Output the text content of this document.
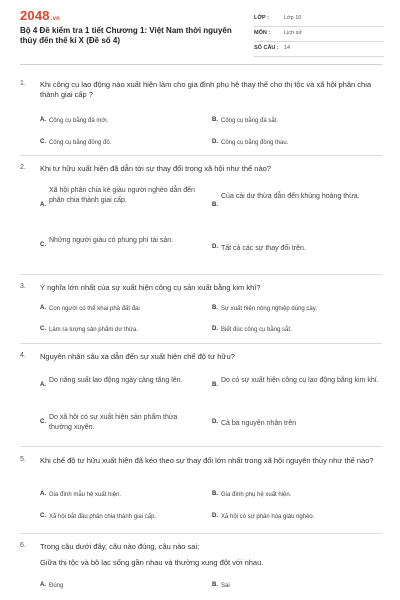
2048.vn
Bộ 4 Đề kiểm tra 1 tiết Chương 1: Việt Nam thời nguyên thủy đến thế kỉ X (Đề số 4)
LỚP :	Lớp 10
MÔN :	Lịch sử
SỐ CÂU : 14
1. Khi công cụ lao động nào xuất hiện làm cho gia đình phụ hệ thay thế cho thị tộc và xã hội phân chia thành giai cấp ?
A. Công cụ bằng đá mới.	B. Công cụ bằng đá sắt.
C. Công cụ bằng đồng đỏ.	D. Công cụ bằng đồng thau.
2. Khi tư hữu xuất hiện đã dẫn tới sự thay đổi trong xã hội như thế nào?
A.
Xã hội phân chia kẻ giàu người nghèo dẫn đến phân chia thành giai cấp.
B.
Của cải dư thừa dẫn đến khủng hoảng thừa.
C.
Những người giàu có phung phí tài sản.
D. Tất cả các sự thay đổi trên.
3. Ý nghĩa lớn nhất của sự xuất hiện công cụ sản xuất bằng kim khí?
A. Con người có thể khai phá đất đai	B. Sự xuất hiện nông nghiệp dùng cày.
C. Làm ra lượng sản phẩm dư thừa.	D. Biết đúc công cụ bằng sắt.
4. Nguyên nhân sâu xa dẫn đến sự xuất hiện chế độ tư hữu?
A.
Do năng suất lao động ngày càng tăng lên.
B.
Do có sự xuất hiện công cụ lao động bằng kim khí.
C.
Do xã hội có sự xuất hiện sản phẩm thừa thường xuyên.
D. Cả ba nguyên nhân trên
5. Khi chế độ tư hữu xuất hiện đã kéo theo sự thay đổi lớn nhất trong xã hội nguyên thủy như thế nào?
A. Gia đình mẫu hệ xuất hiện.	B. Gia đình phụ hệ xuất hiện.
C. Xã hội bắt đầu phân chia thành giai cấp.	D. Xã hội có sự phân hóa giàu nghèo.
6. Trong câu dưới đây, câu nào đúng, câu nào sai:
Giữa thị tộc và bộ lạc sống gần nhau và thường xung đột với nhau.
A. Đúng	B. Sai
